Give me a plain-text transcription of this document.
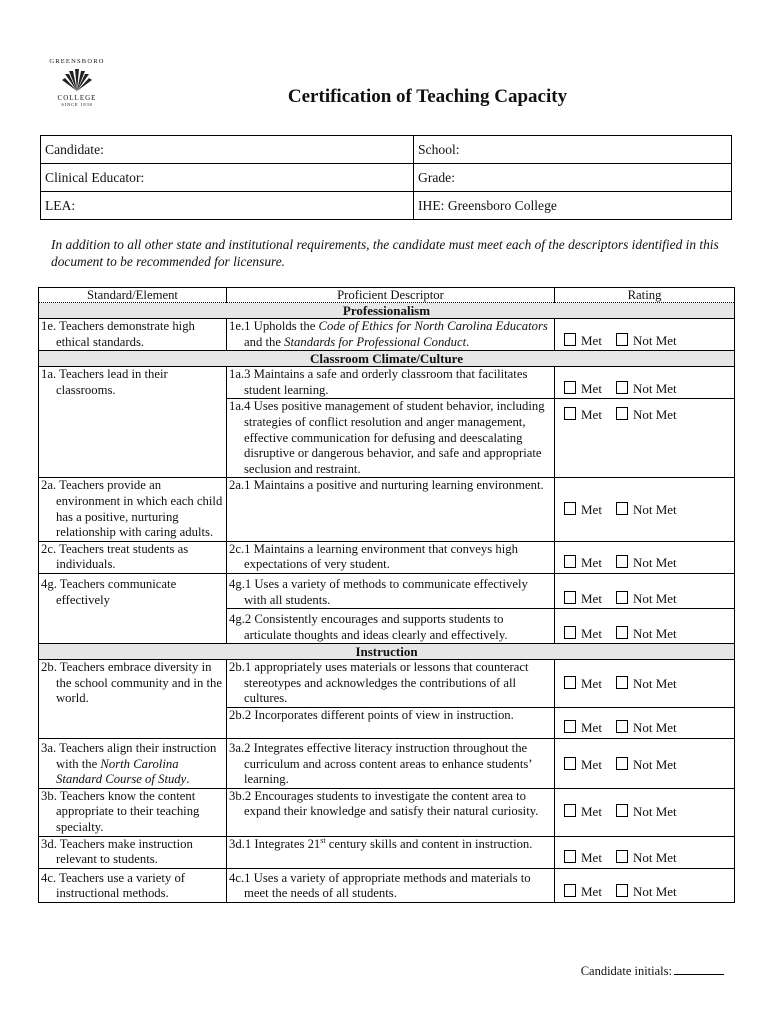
GREENSBORO
COLLEGE
SINCE 1838	Certification of Teaching Capacity
Candidate:	School:
Clinical Educator:	Grade:
LEA:	IHE: Greensboro College
In addition to all other state and institutional requirements, the candidate must meet each of the descriptors identified in this document to be recommended for licensure.
Standard/Element	Proficient Descriptor	Rating
Professionalism		
1e. Teachers demonstrate high ethical standards.	1e.1 Upholds the Code of Ethics for North Carolina Educators and the Standards for Professional Conduct.	Met Not Met
Classroom Climate/Culture		
1a. Teachers lead in their classrooms.	1a.3 Maintains a safe and orderly classroom that facilitates student learning.	Met Not Met
	1a.4 Uses positive management of student behavior, including strategies of conflict resolution and anger management, effective communication for defusing and deescalating disruptive or dangerous behavior, and safe and appropriate seclusion and restraint.	Met Not Met
2a. Teachers provide an environment in which each child has a positive, nurturing relationship with caring adults.	2a.1 Maintains a positive and nurturing learning environment.	Met Not Met
2c. Teachers treat students as individuals.	2c.1 Maintains a learning environment that conveys high expectations of very student.	Met Not Met
4g. Teachers communicate effectively	4g.1 Uses a variety of methods to communicate effectively with all students.	Met Not Met
	4g.2 Consistently encourages and supports students to articulate thoughts and ideas clearly and effectively.	Met Not Met
Instruction		
2b. Teachers embrace diversity in the school community and in the world.	2b.1 appropriately uses materials or lessons that counteract stereotypes and acknowledges the contributions of all cultures.	Met Not Met
	2b.2 Incorporates different points of view in instruction.	Met Not Met
3a. Teachers align their instruction with the North Carolina Standard Course of Study.	3a.2 Integrates effective literacy instruction throughout the curriculum and across content areas to enhance students’ learning.	Met Not Met
3b. Teachers know the content appropriate to their teaching specialty.	3b.2 Encourages students to investigate the content area to expand their knowledge and satisfy their natural curiosity.	Met Not Met
3d. Teachers make instruction relevant to students.	3d.1 Integrates 21st century skills and content in instruction.	Met Not Met
4c. Teachers use a variety of instructional methods.	4c.1 Uses a variety of appropriate methods and materials to meet the needs of all students.	Met Not Met
Candidate initials:
